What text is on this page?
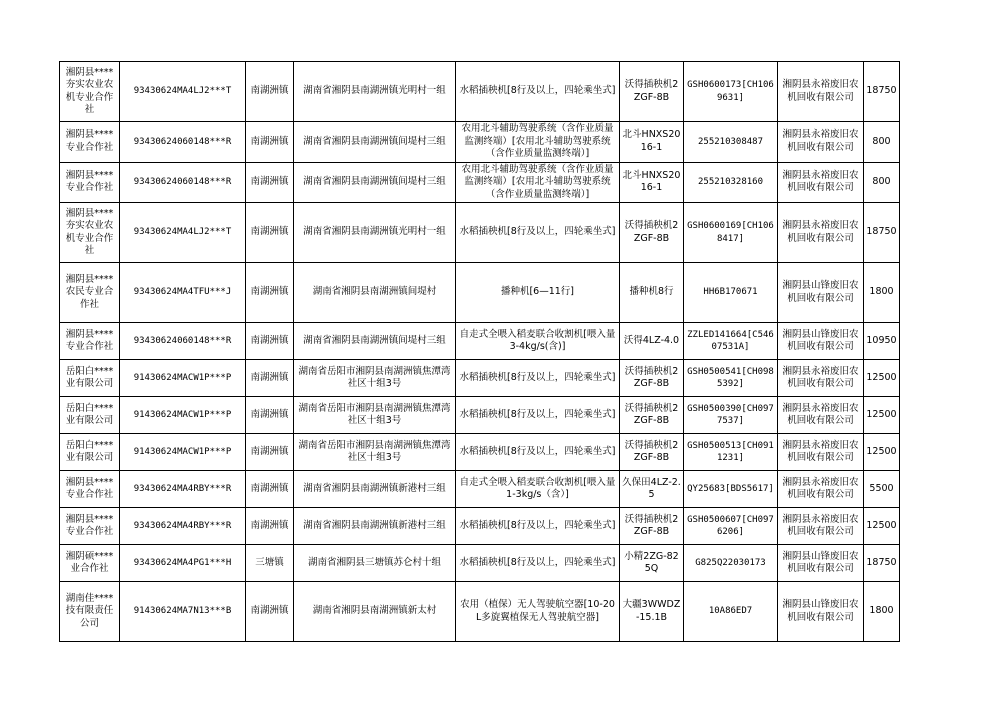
湘阴县****夯实农业农机专业合作社	93430624MA4LJ2***T	南湖洲镇	湖南省湘阴县南湖洲镇光明村一组	水稻插秧机[8行及以上，四轮乘坐式]	沃得插秧机2ZGF-8B	GSH0600173[CH1069631]	湘阴县永裕废旧农机回收有限公司	18750
湘阴县****专业合作社	93430624060148***R	南湖洲镇	湖南省湘阴县南湖洲镇间堤村三组	农用北斗辅助驾驶系统（含作业质量监测终端）[农用北斗辅助驾驶系统（含作业质量监测终端）]	北斗HNXS2016-1	255210308487	湘阴县永裕废旧农机回收有限公司	800
湘阴县****专业合作社	93430624060148***R	南湖洲镇	湖南省湘阴县南湖洲镇间堤村三组	农用北斗辅助驾驶系统（含作业质量监测终端）[农用北斗辅助驾驶系统（含作业质量监测终端）]	北斗HNXS2016-1	255210328160	湘阴县永裕废旧农机回收有限公司	800
湘阴县****夯实农业农机专业合作社	93430624MA4LJ2***T	南湖洲镇	湖南省湘阴县南湖洲镇光明村一组	水稻插秧机[8行及以上，四轮乘坐式]	沃得插秧机2ZGF-8B	GSH0600169[CH1068417]	湘阴县永裕废旧农机回收有限公司	18750
湘阴县****农民专业合作社	93430624MA4TFU***J	南湖洲镇	湖南省湘阴县南湖洲镇间堤村	播种机[6—11行]	播种机8行	HH6B170671	湘阴县山锋废旧农机回收有限公司	1800
湘阴县****专业合作社	93430624060148***R	南湖洲镇	湖南省湘阴县南湖洲镇间堤村三组	自走式全喂入稻麦联合收割机[喂入量3-4kg/s(含)]	沃得4LZ-4.0	ZZLED141664[C54607531A]	湘阴县山锋废旧农机回收有限公司	10950
岳阳白****业有限公司	91430624MACW1P***P	南湖洲镇	湖南省岳阳市湘阴县南湖洲镇焦潭湾社区十组3号	水稻插秧机[8行及以上，四轮乘坐式]	沃得插秧机2ZGF-8B	GSH0500541[CH0985392]	湘阴县永裕废旧农机回收有限公司	12500
岳阳白****业有限公司	91430624MACW1P***P	南湖洲镇	湖南省岳阳市湘阴县南湖洲镇焦潭湾社区十组3号	水稻插秧机[8行及以上，四轮乘坐式]	沃得插秧机2ZGF-8B	GSH0500390[CH0977537]	湘阴县永裕废旧农机回收有限公司	12500
岳阳白****业有限公司	91430624MACW1P***P	南湖洲镇	湖南省岳阳市湘阴县南湖洲镇焦潭湾社区十组3号	水稻插秧机[8行及以上，四轮乘坐式]	沃得插秧机2ZGF-8B	GSH0500513[CH0911231]	湘阴县永裕废旧农机回收有限公司	12500
湘阴县****专业合作社	93430624MA4RBY***R	南湖洲镇	湖南省湘阴县南湖洲镇新港村三组	自走式全喂入稻麦联合收割机[喂入量1-3kg/s（含）]	久保田4LZ-2.5	QY25683[BDS5617]	湘阴县永裕废旧农机回收有限公司	5500
湘阴县****专业合作社	93430624MA4RBY***R	南湖洲镇	湖南省湘阴县南湖洲镇新港村三组	水稻插秧机[8行及以上，四轮乘坐式]	沃得插秧机2ZGF-8B	GSH0500607[CH0976206]	湘阴县永裕废旧农机回收有限公司	12500
湘阴硕****业合作社	93430624MA4PG1***H	三塘镇	湖南省湘阴县三塘镇苏仑村十组	水稻插秧机[8行及以上，四轮乘坐式]	小精2ZG-825Q	G825Q22030173	湘阴县山锋废旧农机回收有限公司	18750
湖南佳****技有限责任公司	91430624MA7N13***B	南湖洲镇	湖南省湘阴县南湖洲镇新太村	农用（植保）无人驾驶航空器[10-20L多旋翼植保无人驾驶航空器]	大疆3WWDZ-15.1B	10A86ED7	湘阴县山锋废旧农机回收有限公司	1800
